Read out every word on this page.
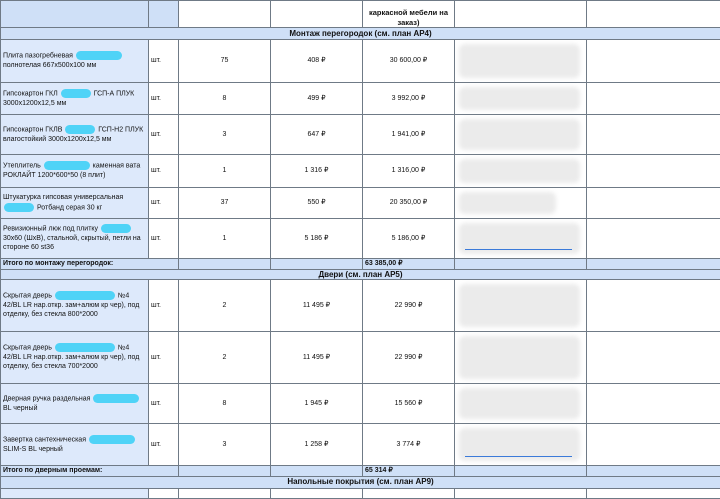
				каркасной мебели на заказ)		
Монтаж перегородок (см. план АР4)						
Плита пазогребневая  полнотелая 667x500x100 мм	шт.	75	408 ₽	30 600,00 ₽	

Гипсокартон ГКЛ ГСП-А ПЛУК 3000x1200x12,5 мм	шт.	8	499 ₽	3 992,00 ₽	

Гипсокартон ГКЛВ ГСП-Н2 ПЛУК влагостойкий 3000x1200x12,5 мм	шт.	3	647 ₽	1 941,00 ₽	

Утеплитель каменная вата РОКЛАЙТ 1200*600*50 (8 плит)	шт.	1	1 316 ₽	1 316,00 ₽	

Штукатурка гипсовая универсальная  Ротбанд серая 30 кг	шт.	37	550 ₽	20 350,00 ₽	

Ревизионный люк под плитку  30x60 (ШxВ), стальной, скрытый, петли на стороне 60 st36	шт.	1	5 186 ₽	5 186,00 ₽	

Итого по монтажу перегородок:				63 385,00 ₽		
Двери (см. план АР5)						
Скрытая дверь №4 42/BL LR нар.откр. зам+алюм кр чер), под отделку, без стекла 800*2000	шт.	2	11 495 ₽	22 990 ₽	

Скрытая дверь №4 42/BL LR нар.откр. зам+алюм кр чер), под отделку, без стекла 700*2000	шт.	2	11 495 ₽	22 990 ₽	

Дверная ручка раздельная  BL черный	шт.	8	1 945 ₽	15 560 ₽	

Завертка сантехническая  SLIM-S BL черный	шт.	3	1 258 ₽	3 774 ₽	

Итого по дверным проемам:				65 314 ₽		
Напольные покрытия (см. план АР9)						
